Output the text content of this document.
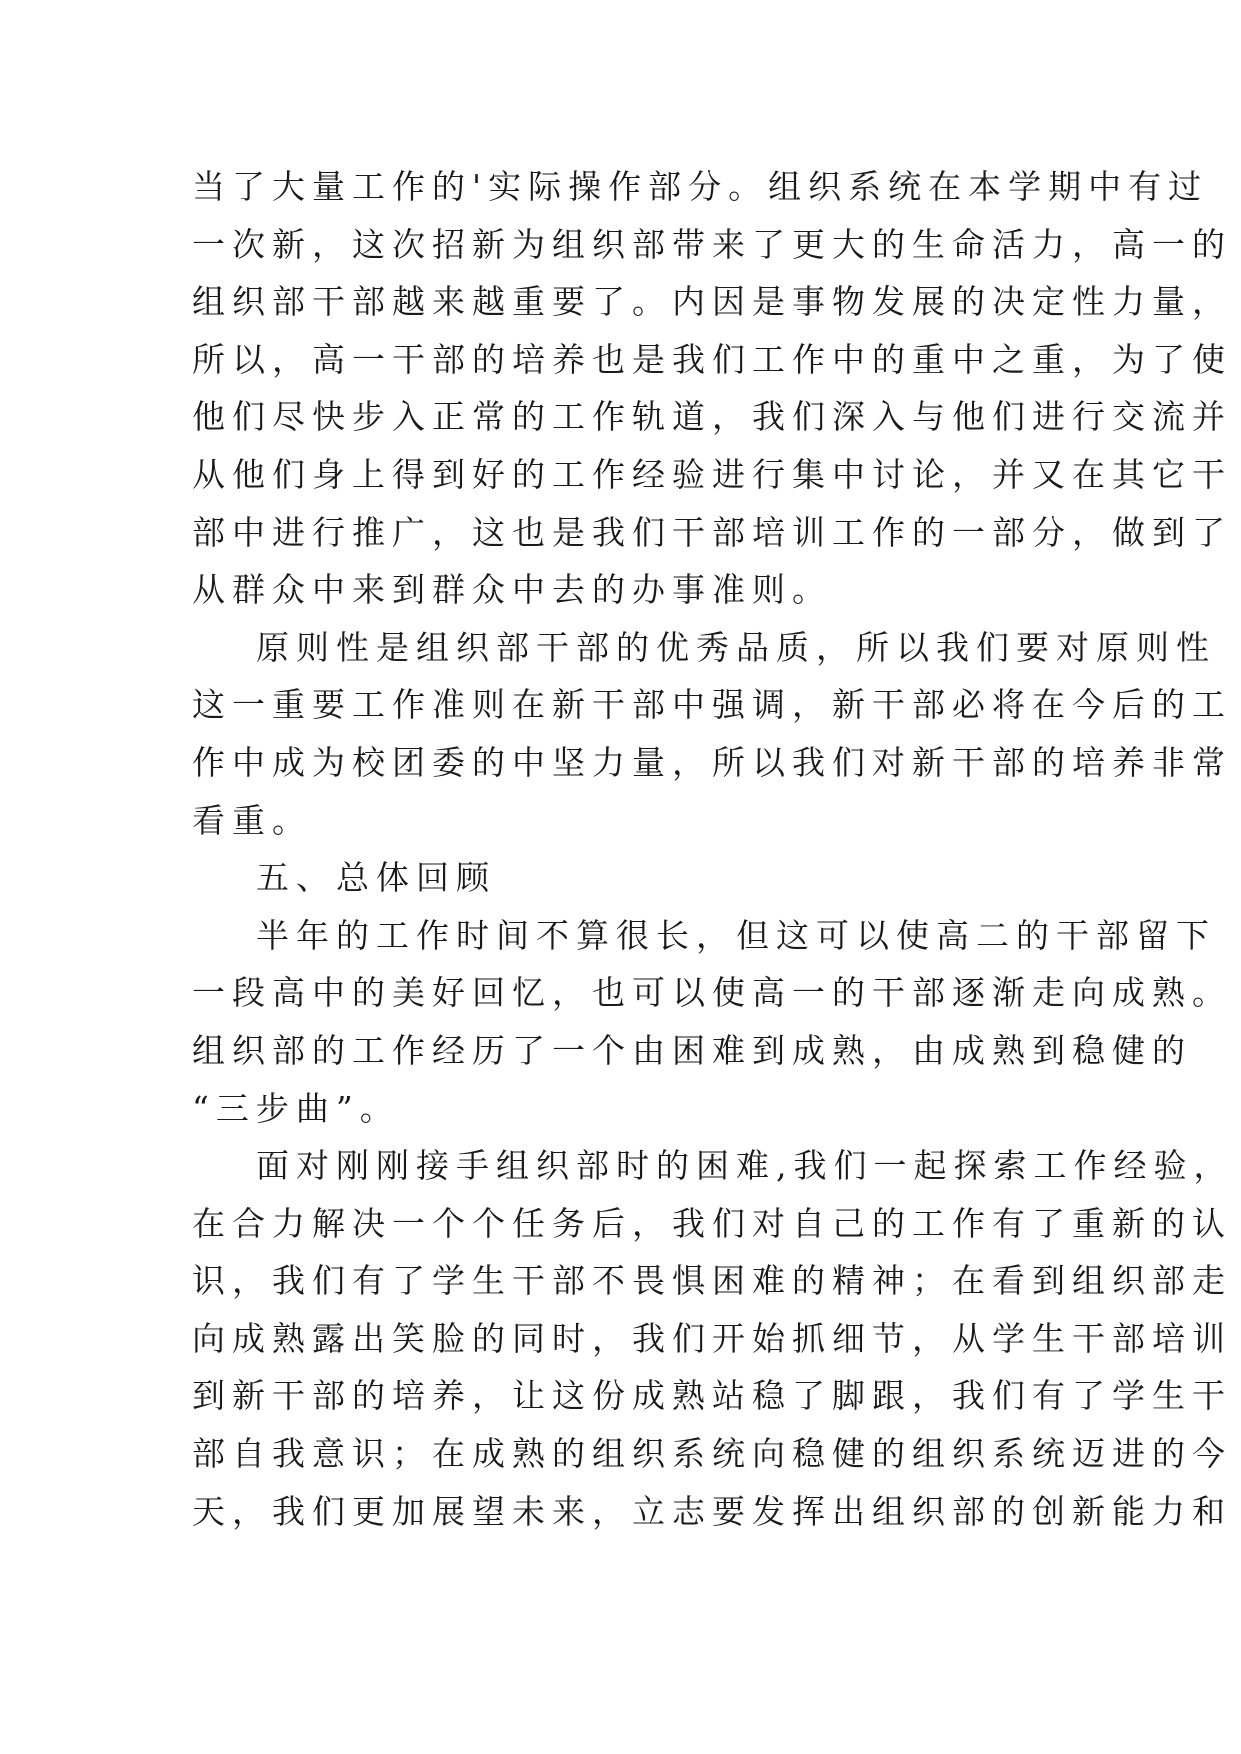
当了大量工作的'实际操作部分。组织系统在本学期中有过
一次新，这次招新为组织部带来了更大的生命活力，高一的
组织部干部越来越重要了。内因是事物发展的决定性力量，
所以，高一干部的培养也是我们工作中的重中之重，为了使
他们尽快步入正常的工作轨道，我们深入与他们进行交流并
从他们身上得到好的工作经验进行集中讨论，并又在其它干
部中进行推广，这也是我们干部培训工作的一部分，做到了
从群众中来到群众中去的办事准则。
原则性是组织部干部的优秀品质，所以我们要对原则性
这一重要工作准则在新干部中强调，新干部必将在今后的工
作中成为校团委的中坚力量，所以我们对新干部的培养非常
看重。
五、总体回顾
半年的工作时间不算很长，但这可以使高二的干部留下
一段高中的美好回忆，也可以使高一的干部逐渐走向成熟。
组织部的工作经历了一个由困难到成熟，由成熟到稳健的
“三步曲”。
面对刚刚接手组织部时的困难,我们一起探索工作经验，
在合力解决一个个任务后，我们对自己的工作有了重新的认
识，我们有了学生干部不畏惧困难的精神；在看到组织部走
向成熟露出笑脸的同时，我们开始抓细节，从学生干部培训
到新干部的培养，让这份成熟站稳了脚跟，我们有了学生干
部自我意识；在成熟的组织系统向稳健的组织系统迈进的今
天，我们更加展望未来，立志要发挥出组织部的创新能力和
